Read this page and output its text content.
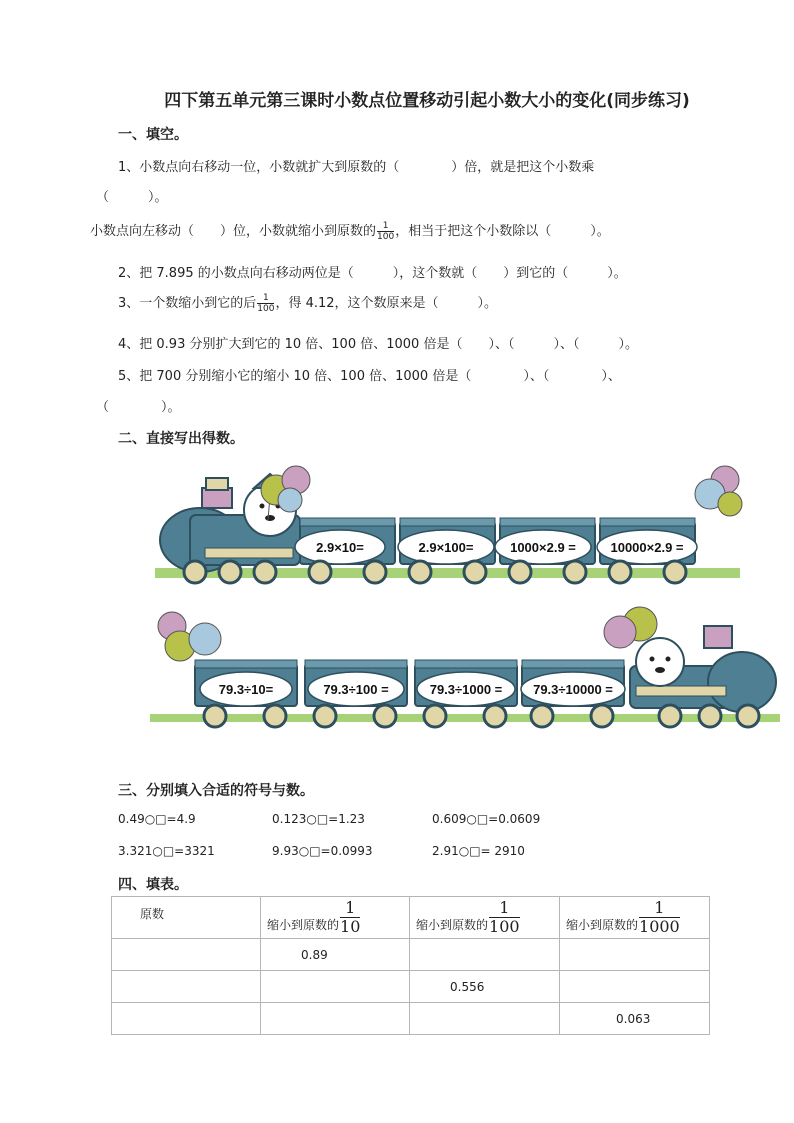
四下第五单元第三课时小数点位置移动引起小数大小的变化(同步练习)
一、填空。
1、小数点向右移动一位，小数就扩大到原数的（　　　　）倍，就是把这个小数乘
（　　　）。
小数点向左移动（　　）位，小数就缩小到原数的 $\frac{1}{100}$ ，相当于把这个小数除以（　　　）。
2、把 7.895 的小数点向右移动两位是（　　　），这个数就（　　）到它的（　　　）。
3、一个数缩小到它的后 $\frac{1}{100}$ ，得 4.12，这个数原来是（　　　）。
4、把 0.93 分别扩大到它的 10 倍、100 倍、1000 倍是（　　）、（　　　）、（　　　）。
5、把 700 分别缩小它的缩小 10 倍、100 倍、1000 倍是（　　　　）、（　　　　）、
（　　　　）。
二、直接写出得数。
2.9×10=	2.9×100=	1000×2.9 =	10000×2.9 =
79.3÷10=	79.3÷100 =	79.3÷1000 = 79.3÷10000 =
三、分别填入合适的符号与数。
0.49○□=4.9	0.123○□=1.23	0.609○□=0.0609
3.321○□=3321	9.93○□=0.0993	2.91○□= 2910
四、填表。
原数	缩小到原数的 $\frac{1}{10}$	缩小到原数的 $\frac{1}{100}$	缩小到原数的 $\frac{1}{1000}$

	0.89		
		0.556	
			0.063
